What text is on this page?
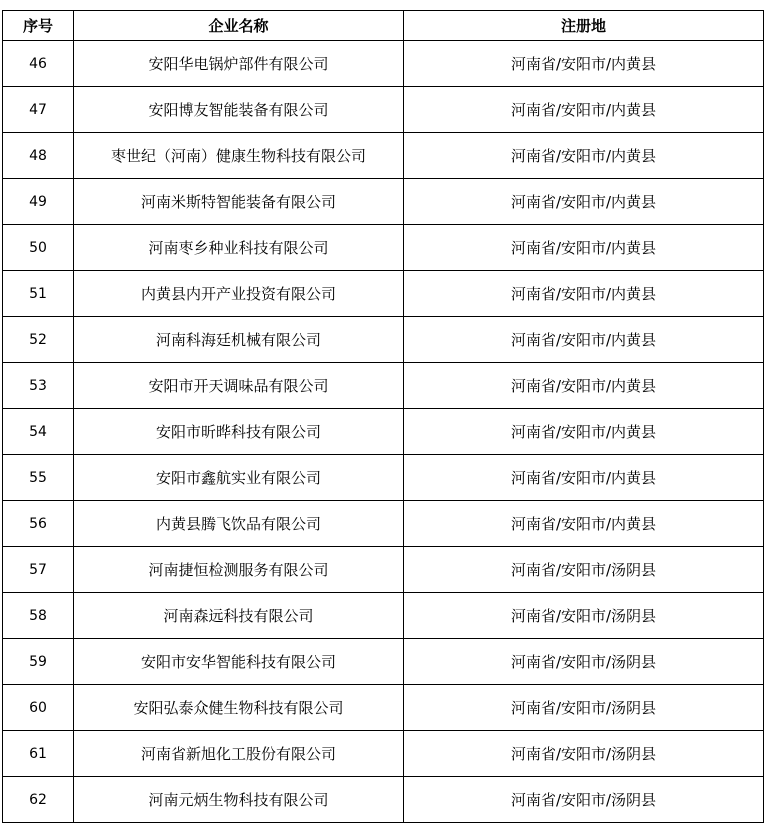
序号	企业名称	注册地
46	安阳华电锅炉部件有限公司	河南省/安阳市/内黄县
47	安阳博友智能装备有限公司	河南省/安阳市/内黄县
48	枣世纪（河南）健康生物科技有限公司	河南省/安阳市/内黄县
49	河南米斯特智能装备有限公司	河南省/安阳市/内黄县
50	河南枣乡种业科技有限公司	河南省/安阳市/内黄县
51	内黄县内开产业投资有限公司	河南省/安阳市/内黄县
52	河南科海廷机械有限公司	河南省/安阳市/内黄县
53	安阳市开天调味品有限公司	河南省/安阳市/内黄县
54	安阳市昕晔科技有限公司	河南省/安阳市/内黄县
55	安阳市鑫航实业有限公司	河南省/安阳市/内黄县
56	内黄县腾飞饮品有限公司	河南省/安阳市/内黄县
57	河南捷恒检测服务有限公司	河南省/安阳市/汤阴县
58	河南森远科技有限公司	河南省/安阳市/汤阴县
59	安阳市安华智能科技有限公司	河南省/安阳市/汤阴县
60	安阳弘泰众健生物科技有限公司	河南省/安阳市/汤阴县
61	河南省新旭化工股份有限公司	河南省/安阳市/汤阴县
62	河南元炳生物科技有限公司	河南省/安阳市/汤阴县
